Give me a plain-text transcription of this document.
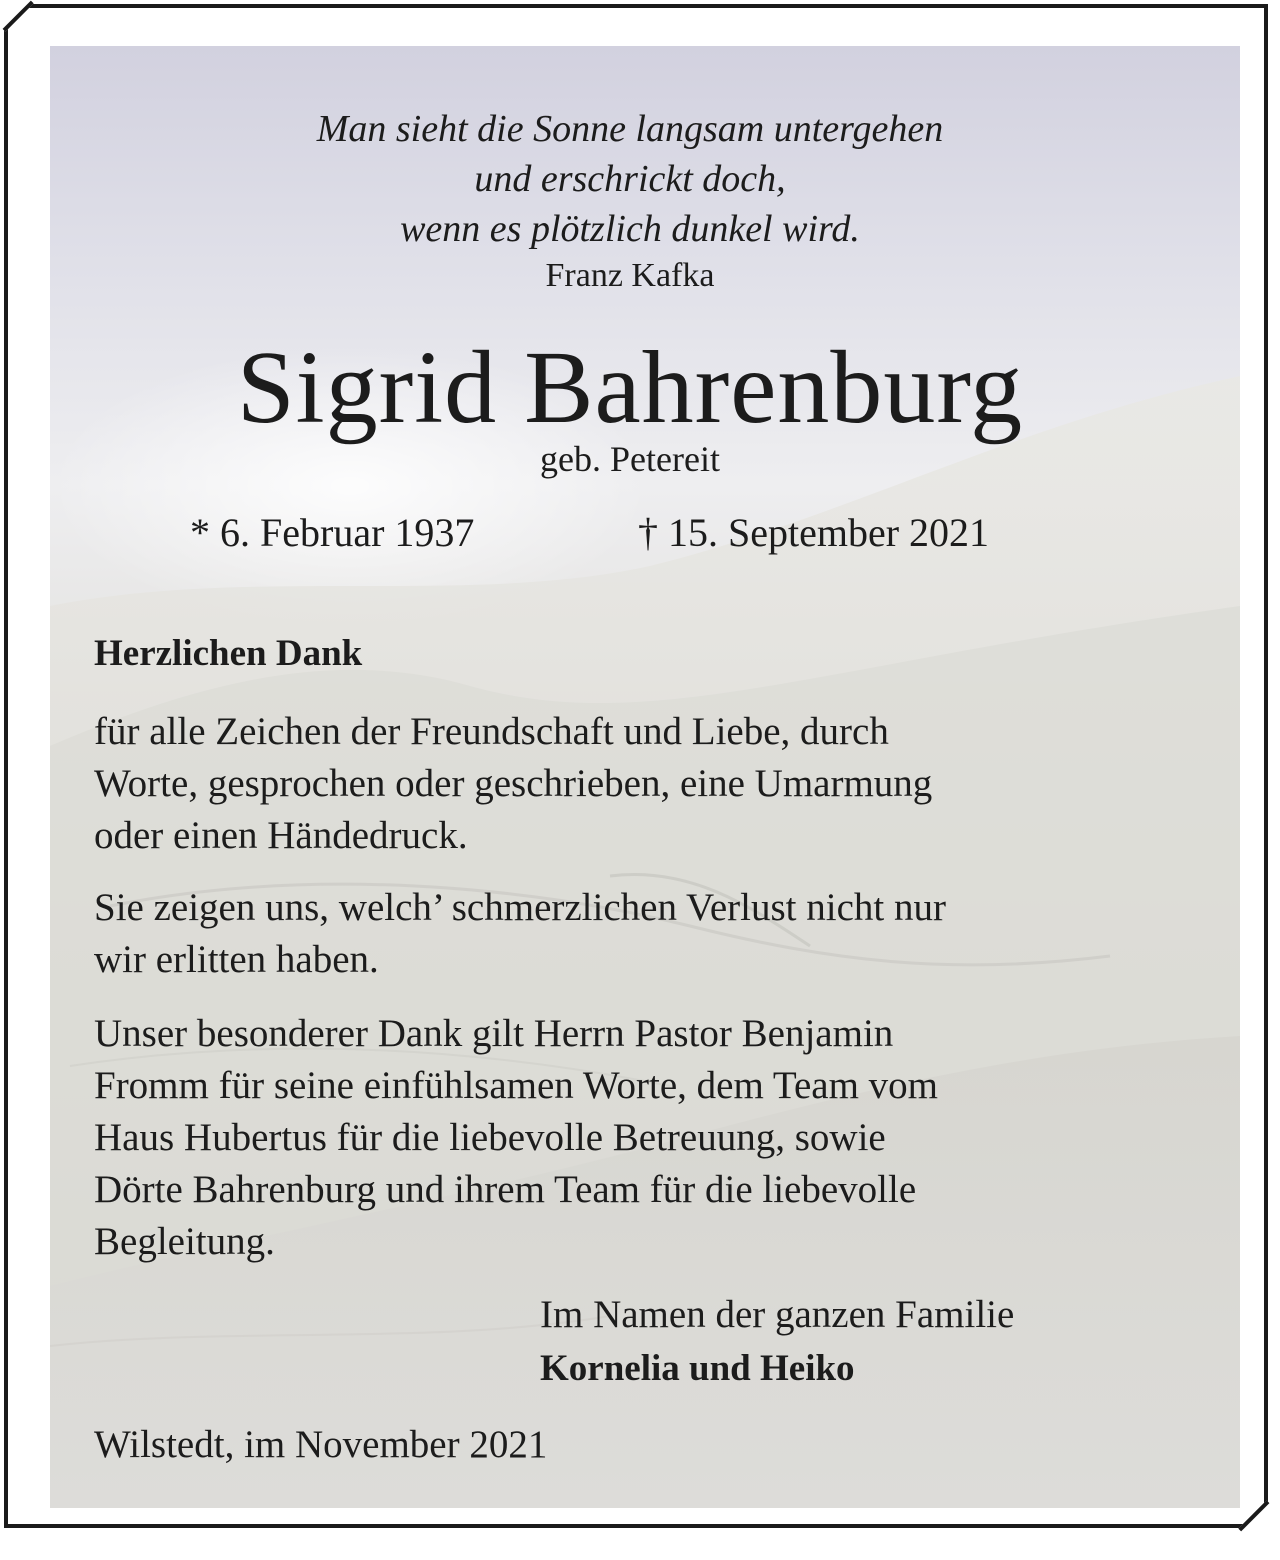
Man sieht die Sonne langsam untergehen
und erschrickt doch,
wenn es plötzlich dunkel wird.
Franz Kafka
Sigrid Bahrenburg
geb. Petereit
* 6. Februar 1937	† 15. September 2021
Herzlichen Dank
für alle Zeichen der Freundschaft und Liebe, durch
Worte, gesprochen oder geschrieben, eine Umarmung
oder einen Händedruck.
Sie zeigen uns, welch’ schmerzlichen Verlust nicht nur
wir erlitten haben.
Unser besonderer Dank gilt Herrn Pastor Benjamin
Fromm für seine einfühlsamen Worte, dem Team vom
Haus Hubertus für die liebevolle Betreuung, sowie
Dörte Bahrenburg und ihrem Team für die liebevolle
Begleitung.
Im Namen der ganzen Familie
Kornelia und Heiko
Wilstedt, im November 2021
